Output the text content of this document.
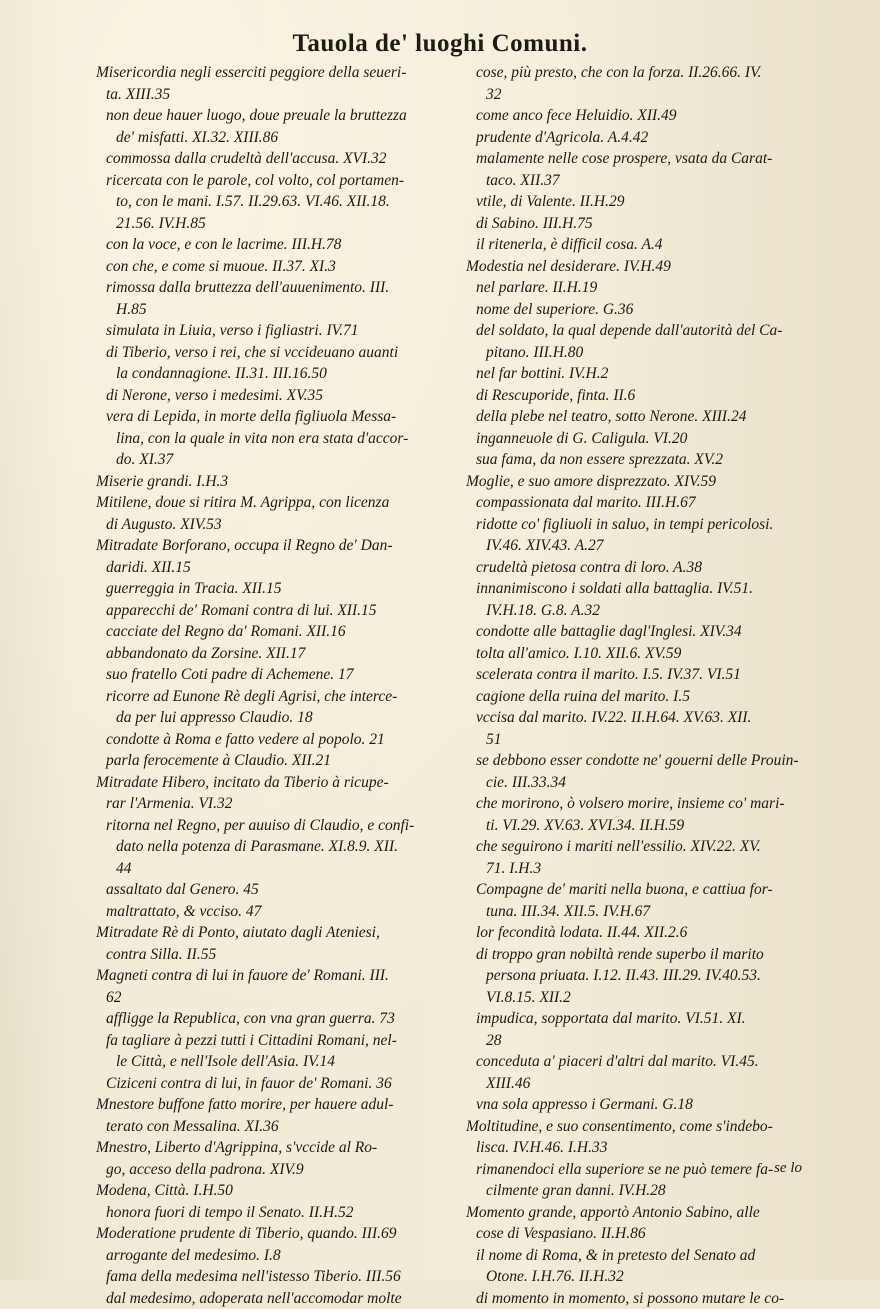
Tauola de' luoghi Comuni.
Misericordia negli esserciti peggiore della seueri-
ta. XIII.35
non deue hauer luogo, doue preuale la bruttezza
de' misfatti. XI.32. XIII.86
commossa dalla crudeltà dell'accusa. XVI.32
ricercata con le parole, col volto, col portamen-
to, con le mani. I.57. II.29.63. VI.46. XII.18.
21.56. IV.H.85
con la voce, e con le lacrime. III.H.78
con che, e come si muoue. II.37. XI.3
rimossa dalla bruttezza dell'auuenimento. III.
H.85
simulata in Liuia, verso i figliastri. IV.71
di Tiberio, verso i rei, che si vccideuano auanti
la condannagione. II.31. III.16.50
di Nerone, verso i medesimi. XV.35
vera di Lepida, in morte della figliuola Messa-
lina, con la quale in vita non era stata d'accor-
do. XI.37
Miserie grandi. I.H.3
Mitilene, doue si ritira M. Agrippa, con licenza
di Augusto. XIV.53
Mitradate Borforano, occupa il Regno de' Dan-
daridi. XII.15
guerreggia in Tracia. XII.15
apparecchi de' Romani contra di lui. XII.15
cacciate del Regno da' Romani. XII.16
abbandonato da Zorsine. XII.17
suo fratello Coti padre di Achemene. 17
ricorre ad Eunone Rè degli Agrisi, che interce-
da per lui appresso Claudio. 18
condotte à Roma e fatto vedere al popolo. 21
parla ferocemente à Claudio. XII.21
Mitradate Hibero, incitato da Tiberio à ricupe-
rar l'Armenia. VI.32
ritorna nel Regno, per auuiso di Claudio, e confi-
dato nella potenza di Parasmane. XI.8.9. XII.
44
assaltato dal Genero. 45
maltrattato, & vcciso. 47
Mitradate Rè di Ponto, aiutato dagli Ateniesi,
contra Silla. II.55
Magneti contra di lui in fauore de' Romani. III.
62
affligge la Republica, con vna gran guerra. 73
fa tagliare à pezzi tutti i Cittadini Romani, nel-
le Città, e nell'Isole dell'Asia. IV.14
Ciziceni contra di lui, in fauor de' Romani. 36
Mnestore buffone fatto morire, per hauere adul-
terato con Messalina. XI.36
Mnestro, Liberto d'Agrippina, s'vccide al Ro-
go, acceso della padrona. XIV.9
Modena, Città. I.H.50
honora fuori di tempo il Senato. II.H.52
Moderatione prudente di Tiberio, quando. III.69
arrogante del medesimo. I.8
fama della medesima nell'istesso Tiberio. III.56
dal medesimo, adoperata nell'accomodar molte
cose, più presto, che con la forza. II.26.66. IV.
32
come anco fece Heluidio. XII.49
prudente d'Agricola. A.4.42
malamente nelle cose prospere, vsata da Carat-
taco. XII.37
vtile, di Valente. II.H.29
di Sabino. III.H.75
il ritenerla, è difficil cosa. A.4
Modestia nel desiderare. IV.H.49
nel parlare. II.H.19
nome del superiore. G.36
del soldato, la qual depende dall'autorità del Ca-
pitano. III.H.80
nel far bottini. IV.H.2
di Rescuporide, finta. II.6
della plebe nel teatro, sotto Nerone. XIII.24
inganneuole di G. Caligula. VI.20
sua fama, da non essere sprezzata. XV.2
Moglie, e suo amore disprezzato. XIV.59
compassionata dal marito. III.H.67
ridotte co' figliuoli in saluo, in tempi pericolosi.
IV.46. XIV.43. A.27
crudeltà pietosa contra di loro. A.38
innanimiscono i soldati alla battaglia. IV.51.
IV.H.18. G.8. A.32
condotte alle battaglie dagl'Inglesi. XIV.34
tolta all'amico. I.10. XII.6. XV.59
scelerata contra il marito. I.5. IV.37. VI.51
cagione della ruina del marito. I.5
vccisa dal marito. IV.22. II.H.64. XV.63. XII.
51
se debbono esser condotte ne' gouerni delle Prouin-
cie. III.33.34
che morirono, ò volsero morire, insieme co' mari-
ti. VI.29. XV.63. XVI.34. II.H.59
che seguirono i mariti nell'essilio. XIV.22. XV.
71. I.H.3
Compagne de' mariti nella buona, e cattiua for-
tuna. III.34. XII.5. IV.H.67
lor fecondità lodata. II.44. XII.2.6
di troppo gran nobiltà rende superbo il marito
persona priuata. I.12. II.43. III.29. IV.40.53.
VI.8.15. XII.2
impudica, sopportata dal marito. VI.51. XI.
28
conceduta a' piaceri d'altri dal marito. VI.45.
XIII.46
vna sola appresso i Germani. G.18
Moltitudine, e suo consentimento, come s'indebo-
lisca. IV.H.46. I.H.33
rimanendoci ella superiore se ne può temere fa-
cilmente gran danni. IV.H.28
Momento grande, apportò Antonio Sabino, alle
cose di Vespasiano. II.H.86
il nome di Roma, & in pretesto del Senato ad
Otone. I.H.76. II.H.32
di momento in momento, si possono mutare le co-
se lo
